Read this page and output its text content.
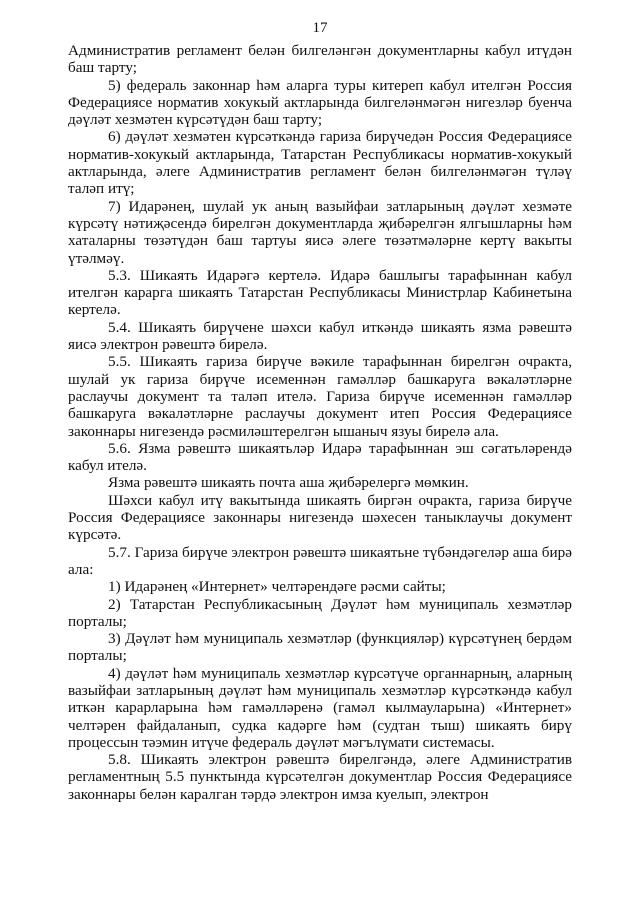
17

Административ регламент белән билгеләнгән документларны кабул итүдән баш тарту;

5) федераль законнар һәм аларга туры китереп кабул ителгән Россия Федерациясе норматив хокукый актларында билгеләнмәгән нигезләр буенча дәүләт хезмәтен күрсәтүдән баш тарту;

6) дәүләт хезмәтен күрсәткәндә гариза бирүчедән Россия Федерациясе норматив-хокукый актларында, Татарстан Республикасы норматив-хокукый актларында, әлеге Административ регламент белән билгеләнмәгән түләү таләп итү;

7) Идарәнең, шулай ук аның вазыйфаи затларының дәүләт хезмәте күрсәтү нәтиҗәсендә бирелгән документларда җибәрелгән ялгышларны һәм хаталарны төзәтүдән баш тартуы яисә әлеге төзәтмәләрне кертү вакыты үтәлмәү.

5.3. Шикаять Идарәгә кертелә. Идарә башлыгы тарафыннан кабул ителгән карарга шикаять Татарстан Республикасы Министрлар Кабинетына кертелә.

5.4. Шикаять бирүчене шәхси кабул иткәндә шикаять язма рәвештә яисә электрон рәвештә бирелә.

5.5. Шикаять гариза бирүче вәкиле тарафыннан бирелгән очракта, шулай ук гариза бирүче исеменнән гамәлләр башкаруга вәкаләтләрне раслаучы документ та таләп ителә. Гариза бирүче исеменнән гамәлләр башкаруга вәкаләтләрне раслаучы документ итеп Россия Федерациясе законнары нигезендә рәсмиләштерелгән ышаныч язуы бирелә ала.

5.6. Язма рәвештә шикаятьләр Идарә тарафыннан эш сәгатьләрендә кабул ителә.

Язма рәвештә шикаять почта аша җибәрелергә мөмкин.

Шәхси кабул итү вакытында шикаять биргән очракта, гариза бирүче Россия Федерациясе законнары нигезендә шәхесен таныклаучы документ күрсәтә.

5.7. Гариза бирүче электрон рәвештә шикаятьне түбәндәгеләр аша бирә ала:

1) Идарәнең «Интернет» челтәрендәге рәсми сайты;

2) Татарстан Республикасының Дәүләт һәм муниципаль хезмәтләр порталы;

3) Дәүләт һәм муниципаль хезмәтләр (функцияләр) күрсәтүнең бердәм порталы;

4) дәүләт һәм муниципаль хезмәтләр күрсәтүче органнарның, аларның вазыйфаи затларының дәүләт һәм муниципаль хезмәтләр күрсәткәндә кабул иткән карарларына һәм гамәлләренә (гамәл кылмауларына) «Интернет» челтәрен файдаланып, судка кадәрге һәм (судтан тыш) шикаять бирү процессын тәэмин итүче федераль дәүләт мәгълүмати системасы.

5.8. Шикаять электрон рәвештә бирелгәндә, әлеге Административ регламентның 5.5 пунктында күрсәтелгән документлар Россия Федерациясе законнары белән каралган тәрдә электрон имза куелып, электрон
